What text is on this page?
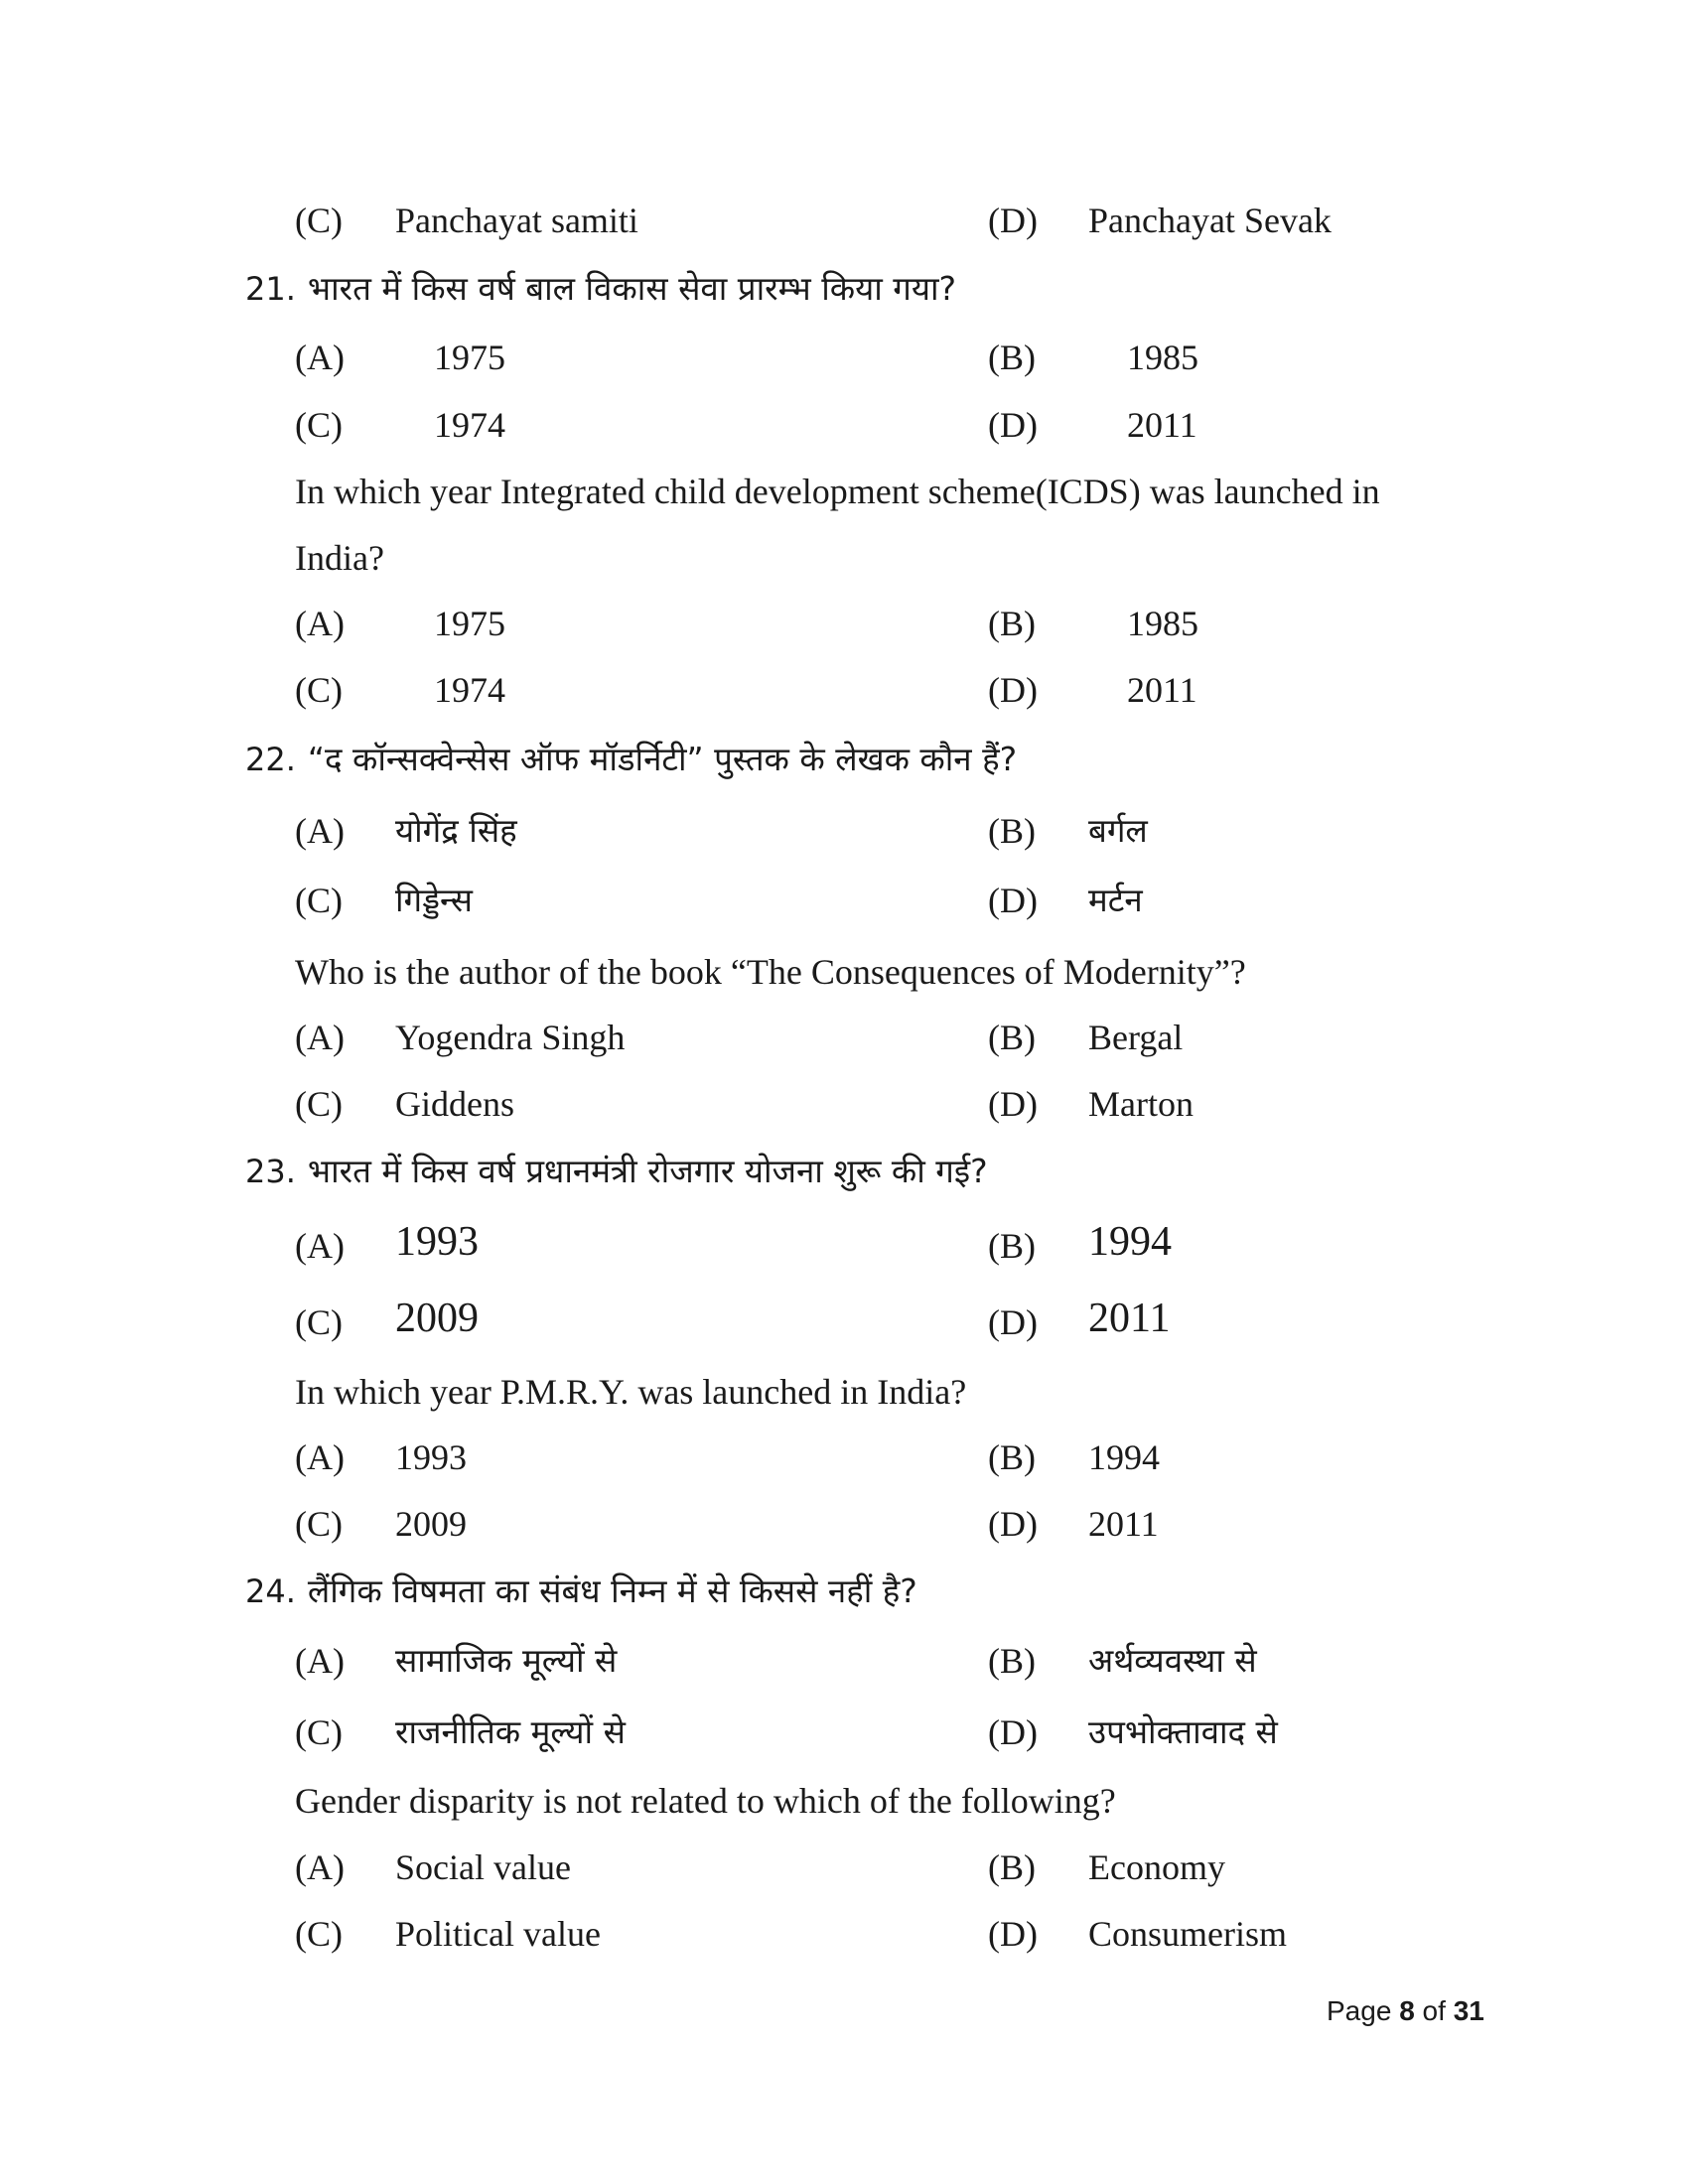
(C) Panchayat samiti	(D) Panchayat Sevak
21. भारत में किस वर्ष बाल विकास सेवा प्रारम्भ किया गया?
(A)	1975	(B)	1985
(C)	1974	(D)	2011
In which year Integrated child development scheme(ICDS) was launched in
India?
(A)	1975	(B)	1985
(C)	1974	(D)	2011
22. “द कॉन्सक्वेन्सेस ऑफ मॉडर्निटी” पुस्तक के लेखक कौन हैं?
(A) योगेंद्र सिंह	(B) बर्गल
(C) गिड्डेन्स	(D) मर्टन
Who is the author of the book “The Consequences of Modernity”?
(A) Yogendra Singh	(B) Bergal
(C) Giddens	(D) Marton
23. भारत में किस वर्ष प्रधानमंत्री रोजगार योजना शुरू की गई?
(A) 1993	(B) 1994
(C) 2009	(D) 2011
In which year P.M.R.Y. was launched in India?
(A) 1993	(B) 1994
(C) 2009	(D) 2011
24. लैंगिक विषमता का संबंध निम्न में से किससे नहीं है?
(A) सामाजिक मूल्यों से	(B) अर्थव्यवस्था से
(C) राजनीतिक मूल्यों से	(D) उपभोक्तावाद से
Gender disparity is not related to which of the following?
(A) Social value	(B) Economy
(C) Political value	(D) Consumerism
Page 8 of 31
